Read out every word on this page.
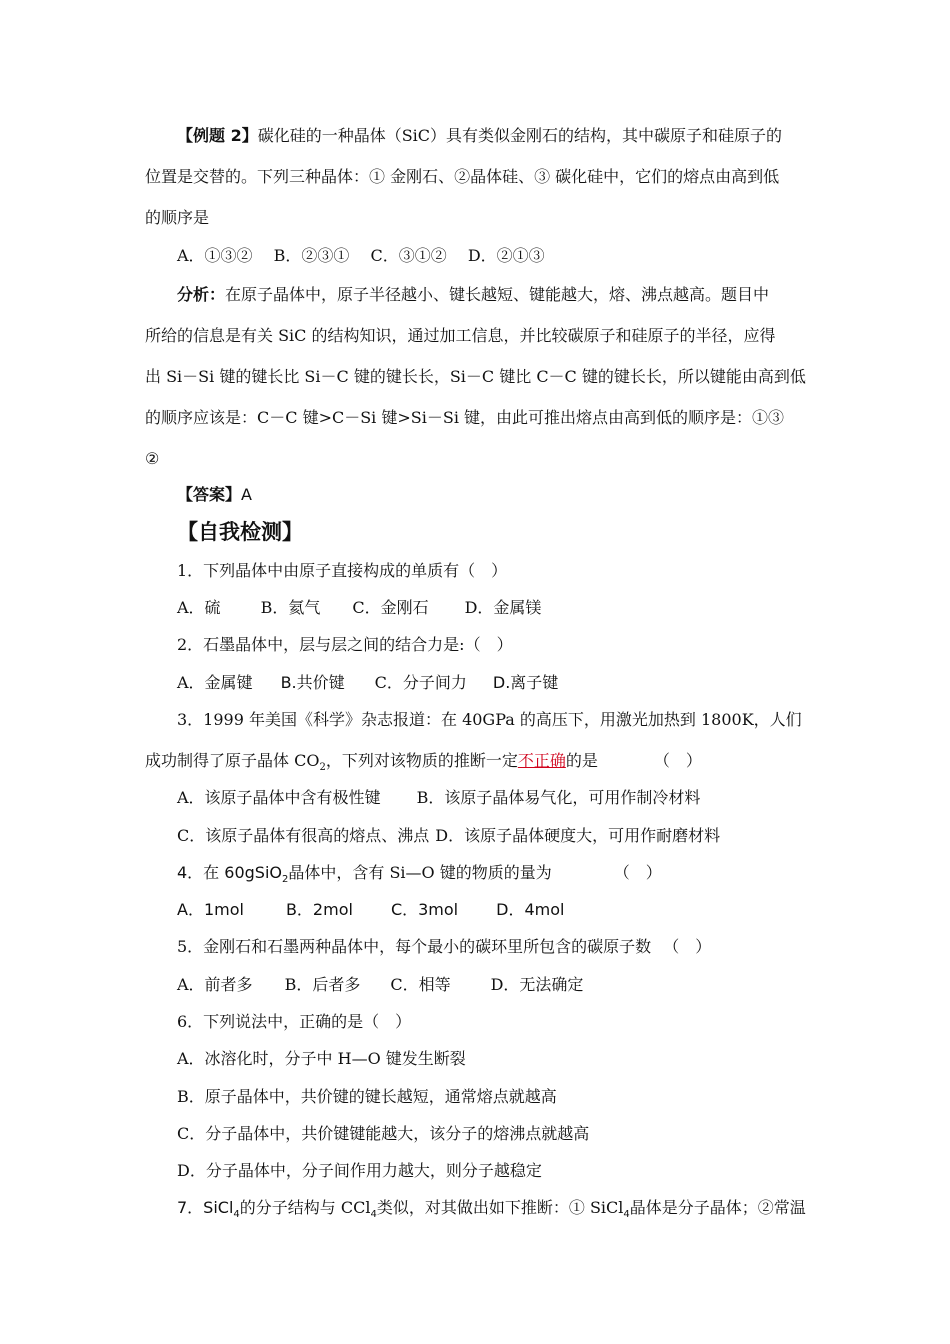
【例题 2】碳化硅的一种晶体（SiC）具有类似金刚石的结构，其中碳原子和硅原子的
位置是交替的。下列三种晶体：① 金刚石、②晶体硅、③ 碳化硅中，它们的熔点由高到低
的顺序是
A．①③②　 B．②③①　 C．③①②　 D．②①③
分析：在原子晶体中，原子半径越小、键长越短、键能越大，熔、沸点越高。题目中
所给的信息是有关 SiC 的结构知识，通过加工信息，并比较碳原子和硅原子的半径，应得
出 Si－Si 键的键长比 Si－C 键的键长长，Si－C 键比 C－C 键的键长长，所以键能由高到低
的顺序应该是：C－C 键>C－Si 键>Si－Si 键，由此可推出熔点由高到低的顺序是：①③
②
【答案】A
【自我检测】
1．下列晶体中由原子直接构成的单质有（　）
A．硫	B．氦气 C．金刚石 D．金属镁
2．石墨晶体中，层与层之间的结合力是:（　）
A．金属键 B.共价键 C．分子间力 D.离子键
3．1999 年美国《科学》杂志报道：在 40GPa 的高压下，用激光加热到 1800K，人们
成功制得了原子晶体 $CO_2$，下列对该物质的推断一定不正确的是	（　）
A．该原子晶体中含有极性键 B．该原子晶体易气化，可用作制冷材料
C．该原子晶体有很高的熔点、沸点 D．该原子晶体硬度大，可用作耐磨材料
4．在 60gSiO$_2$晶体中，含有 Si—O 键的物质的量为	（　）
A．1mol	B．2mol C．3mol D．4mol
5．金刚石和石墨两种晶体中，每个最小的碳环里所包含的碳原子数 （　）
A．前者多 B．后者多 C．相等	D．无法确定
6．下列说法中，正确的是（　）
A．冰溶化时，分子中 H—O 键发生断裂
B．原子晶体中，共价键的键长越短，通常熔点就越高
C．分子晶体中，共价键键能越大，该分子的熔沸点就越高
D．分子晶体中，分子间作用力越大，则分子越稳定
7．SiCl$_4$的分子结构与 CCl$_4$类似，对其做出如下推断：① SiCl$_4$晶体是分子晶体；②常温
